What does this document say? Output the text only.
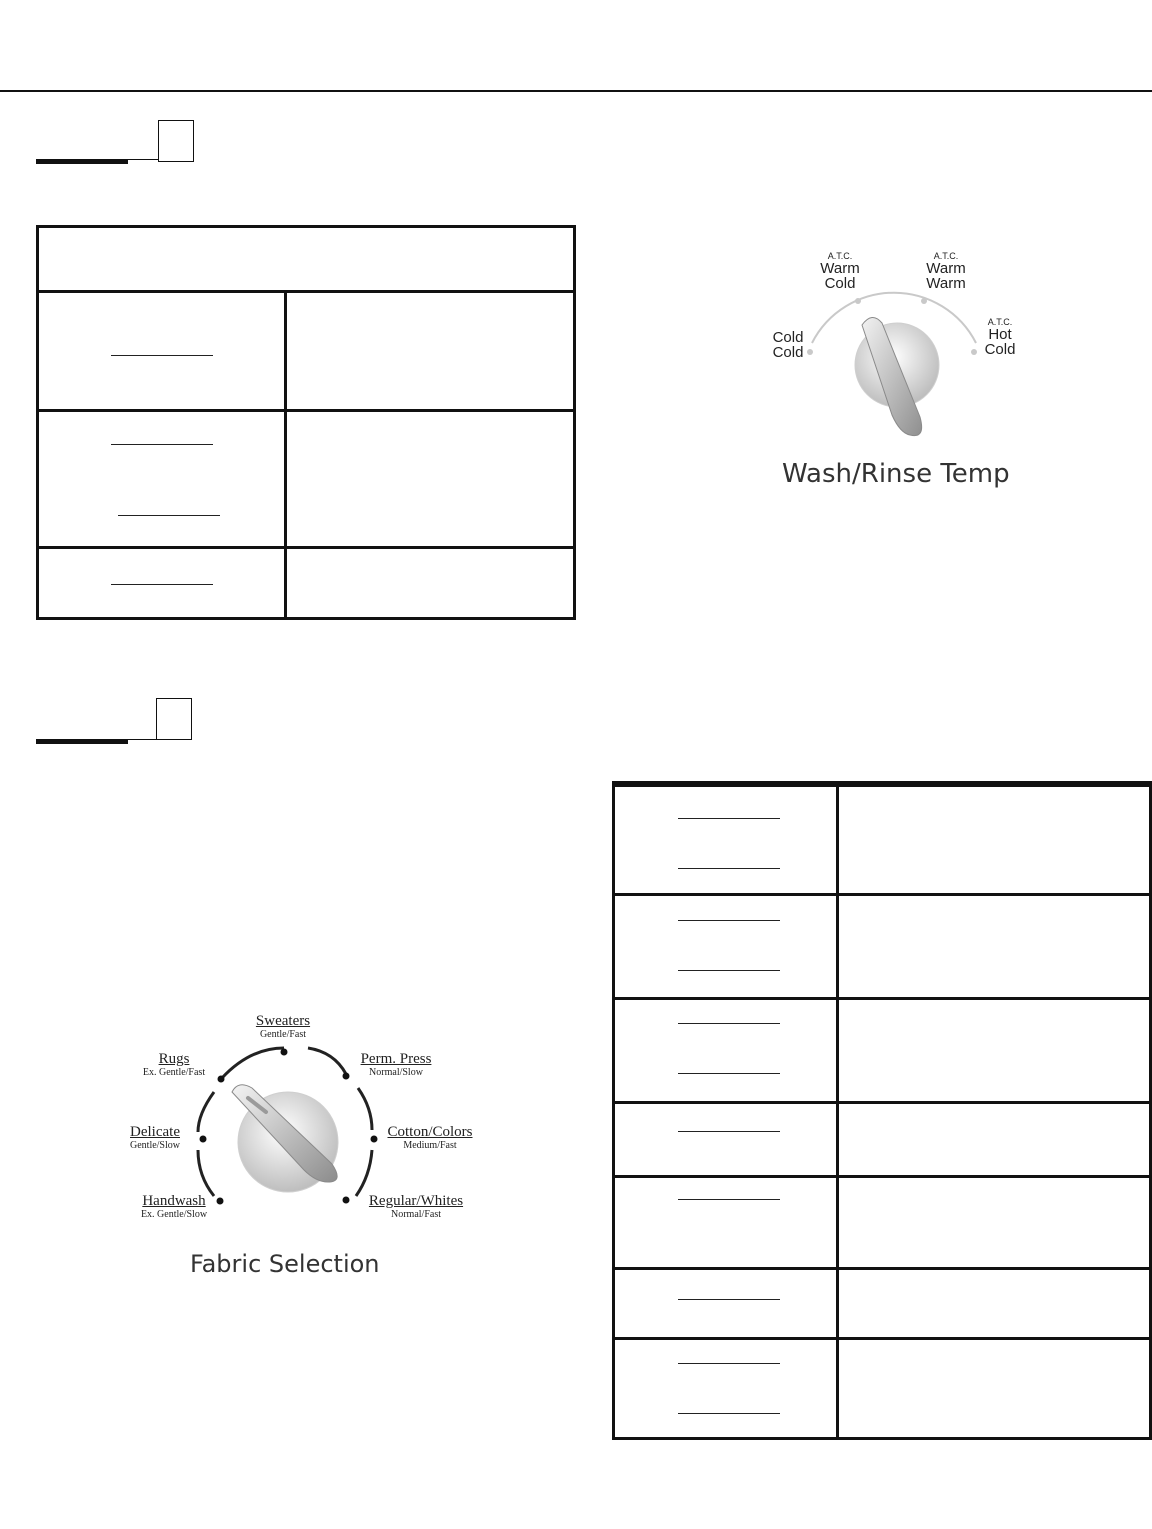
Cold
Cold
A.T.C.
Warm
Cold
A.T.C.
Warm
Warm
A.T.C.
Hot
Cold
Wash/Rinse Temp
Sweaters
Gentle/Fast
Rugs
Ex. Gentle/Fast
Perm. Press
Normal/Slow
Delicate
Gentle/Slow
Cotton/Colors
Medium/Fast
Handwash
Ex. Gentle/Slow
Regular/Whites
Normal/Fast
Fabric Selection
